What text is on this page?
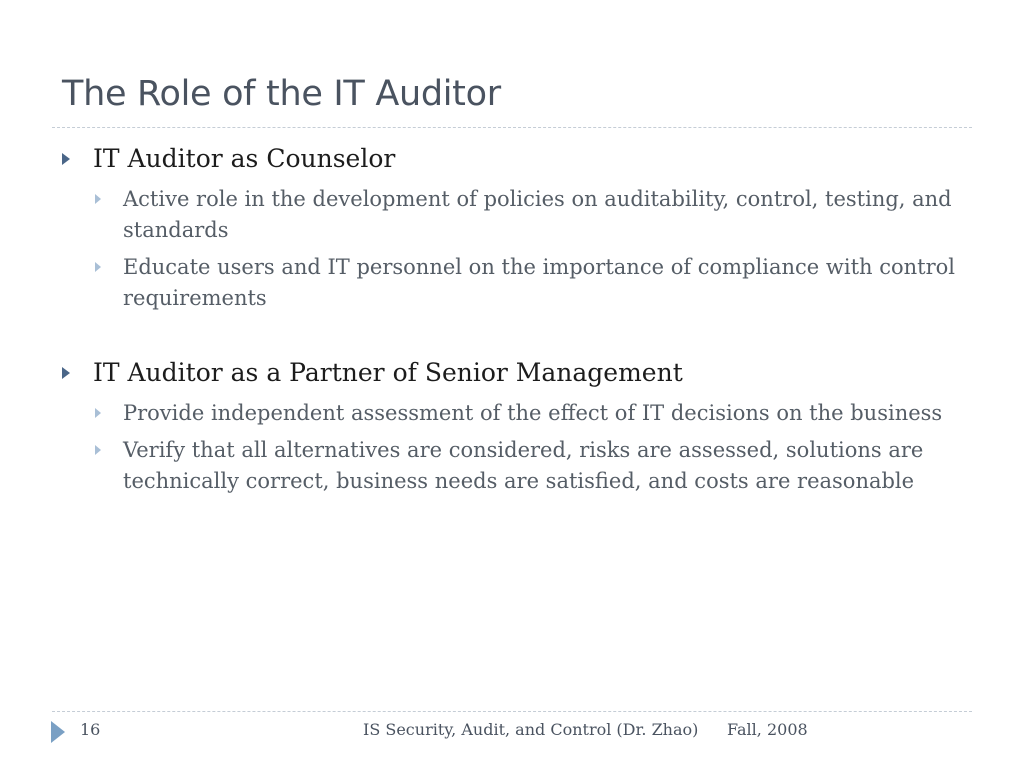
The Role of the IT Auditor
IT Auditor as Counselor
Active role in the development of policies on auditability, control, testing, and standards
Educate users and IT personnel on the importance of compliance with control requirements
IT Auditor as a Partner of Senior Management
Provide independent assessment of the effect of IT decisions on the business
Verify that all alternatives are considered, risks are assessed, solutions are technically correct, business needs are satisfied, and costs are reasonable
16	IS Security, Audit, and Control (Dr. Zhao) Fall, 2008
